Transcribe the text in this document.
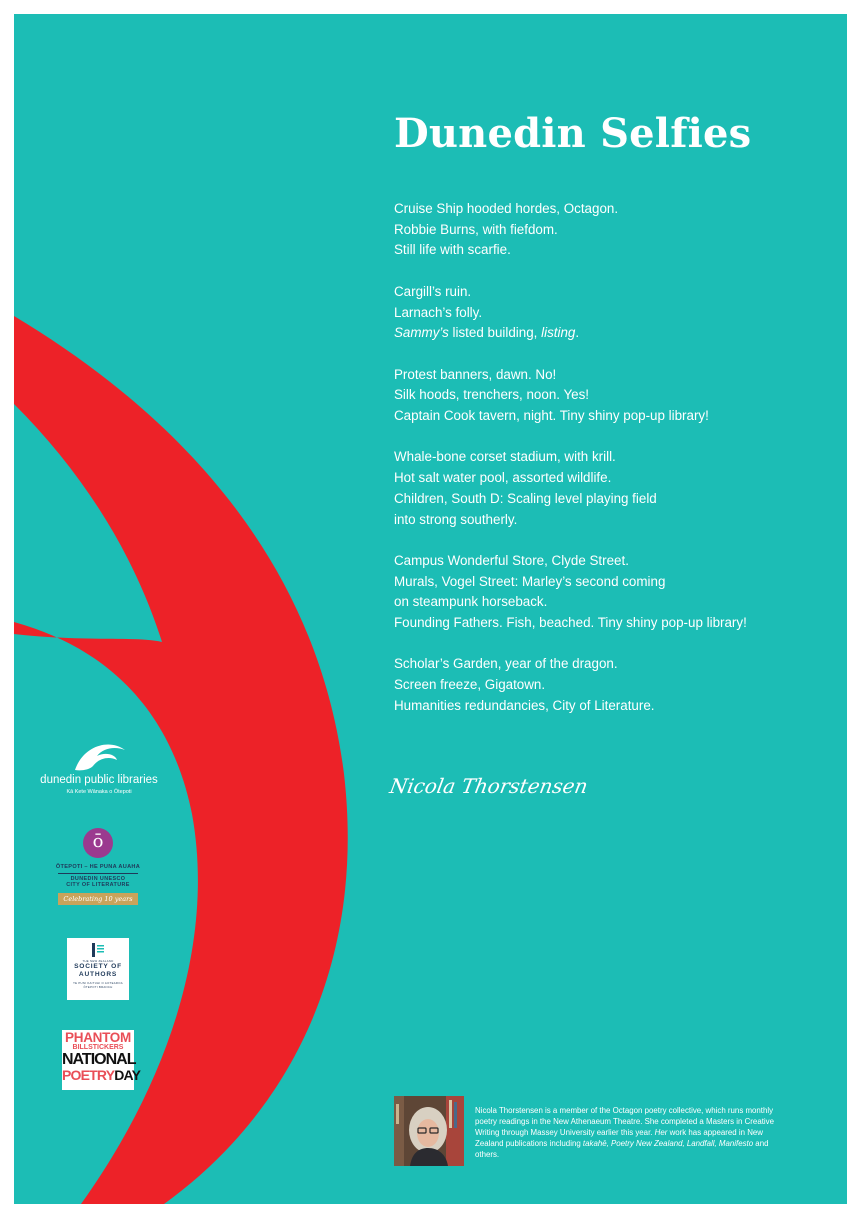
Dunedin Selfies

Cruise Ship hooded hordes, Octagon.
Robbie Burns, with fiefdom.
Still life with scarfie.

Cargill’s ruin.
Larnach’s folly.
Sammy’s listed building, listing.

Protest banners, dawn. No!
Silk hoods, trenchers, noon. Yes!
Captain Cook tavern, night. Tiny shiny pop-up library!

Whale-bone corset stadium, with krill.
Hot salt water pool, assorted wildlife.
Children, South D: Scaling level playing field
into strong southerly.

Campus Wonderful Store, Clyde Street.
Murals, Vogel Street: Marley’s second coming
on steampunk horseback.
Founding Fathers. Fish, beached. Tiny shiny pop-up library!

Scholar’s Garden, year of the dragon.
Screen freeze, Gigatown.
Humanities redundancies, City of Literature.

Nicola Thorstensen
dunedin public libraries
Kā Kete Wānaka o Ōtepoti
ō
ŌTEPOTI – HE PUNA AUAHA
DUNEDIN UNESCO
CITY OF LITERATURE
Celebrating 10 years
THE NEW ZEALAND
SOCIETY OF
AUTHORS
TE PUNI KAITUHI O AOTEAROA
ŌTEPOTI BRANCH
PHANTOM
BILLSTICKERS
NATIONAL
POETRYDAY
Nicola Thorstensen is a member of the Octagon poetry collective, which runs monthly poetry readings in the New Athenaeum Theatre. She completed a Masters in Creative Writing through Massey University earlier this year. Her work has appeared in New Zealand publications including takahē, Poetry New Zealand, Landfall, Manifesto and others.
